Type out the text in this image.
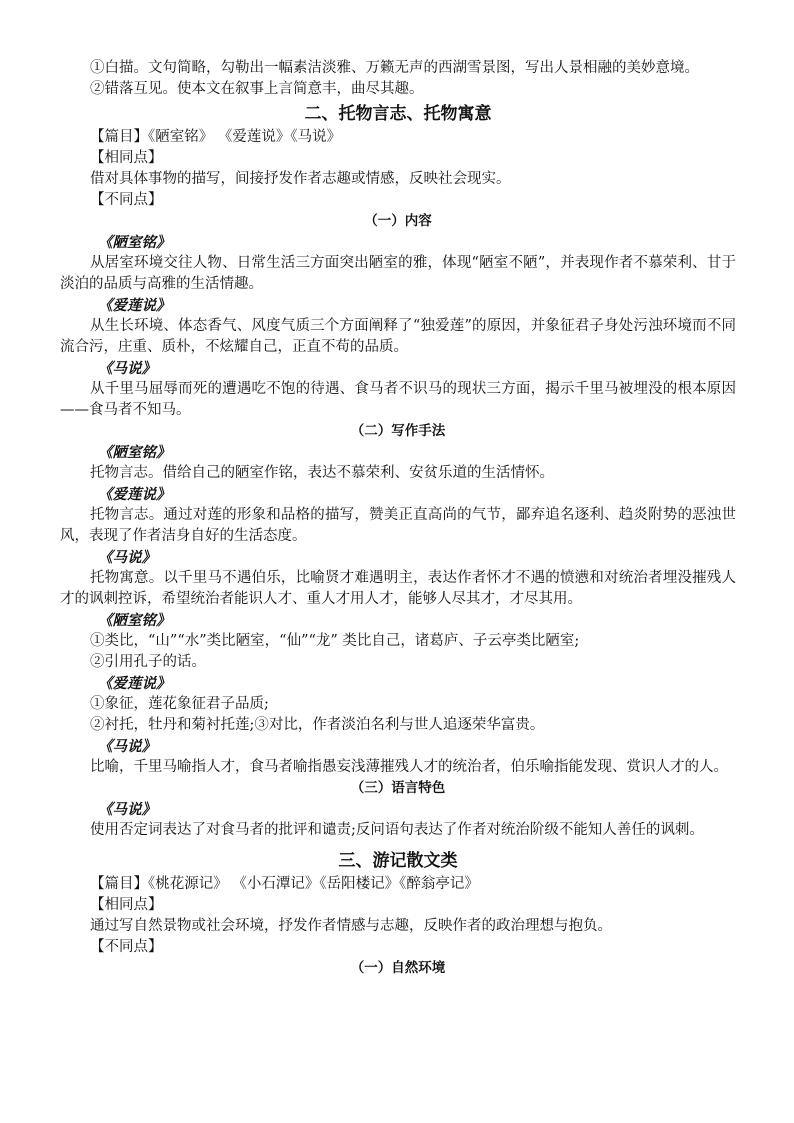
①白描。文句简略，勾勒出一幅素洁淡雅、万籁无声的西湖雪景图，写出人景相融的美妙意境。

②错落互见。使本文在叙事上言简意丰，曲尽其趣。

二、托物言志、托物寓意

【篇目】《陋室铭》 《爱莲说》《马说》

【相同点】

借对具体事物的描写，间接抒发作者志趣或情感，反映社会现实。

【不同点】

（一）内容
《陋室铭》

从居室环境交往人物、日常生活三方面突出陋室的雅，体现“陋室不陋”，并表现作者不慕荣利、甘于淡泊的品质与高雅的生活情趣。

《爱莲说》

从生长环境、体态香气、风度气质三个方面阐释了“独爱莲”的原因，并象征君子身处污浊环境而不同流合污，庄重、质朴，不炫耀自己，正直不苟的品质。

《马说》

从千里马屈辱而死的遭遇吃不饱的待遇、食马者不识马的现状三方面，揭示千里马被埋没的根本原因——食马者不知马。

（二）写作手法
《陋室铭》

托物言志。借给自己的陋室作铭，表达不慕荣利、安贫乐道的生活情怀。

《爱莲说》

托物言志。通过对莲的形象和品格的描写，赞美正直高尚的气节，鄙弃追名逐利、趋炎附势的恶浊世风，表现了作者洁身自好的生活态度。

《马说》

托物寓意。以千里马不遇伯乐，比喻贤才难遇明主，表达作者怀才不遇的愤懑和对统治者埋没摧残人才的讽刺控诉，希望统治者能识人才、重人才用人才，能够人尽其才，才尽其用。

《陋室铭》

①类比，“山”“水”类比陋室，“仙”“龙” 类比自己，诸葛庐、子云亭类比陋室;

②引用孔子的话。

《爱莲说》

①象征，莲花象征君子品质;

②衬托，牡丹和菊衬托莲;③对比，作者淡泊名利与世人追逐荣华富贵。

《马说》

比喻，千里马喻指人才，食马者喻指愚妄浅薄摧残人才的统治者，伯乐喻指能发现、赏识人才的人。

（三）语言特色
《马说》

使用否定词表达了对食马者的批评和谴责;反问语句表达了作者对统治阶级不能知人善任的讽刺。

三、游记散文类

【篇目】《桃花源记》 《小石潭记》《岳阳楼记》《醉翁亭记》

【相同点】

通过写自然景物或社会环境，抒发作者情感与志趣，反映作者的政治理想与抱负。

【不同点】

（一）自然环境
